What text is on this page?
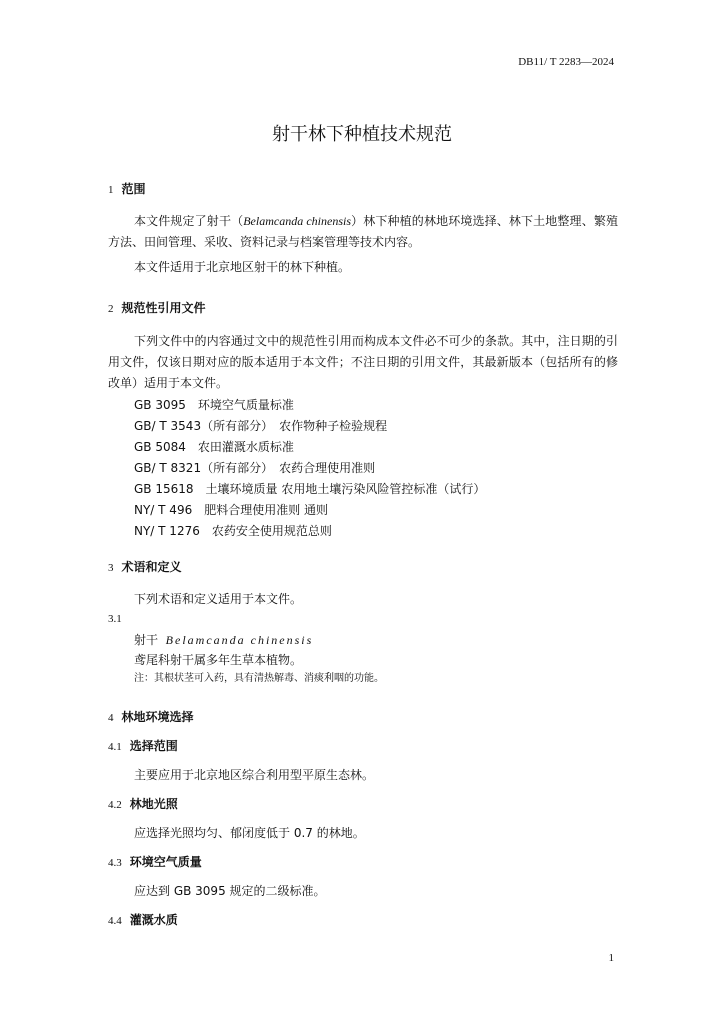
DB11/ T 2283—2024
射干林下种植技术规范
1 范围
本文件规定了射干（Belamcanda chinensis）林下种植的林地环境选择、林下土地整理、繁殖方法、田间管理、采收、资料记录与档案管理等技术内容。
本文件适用于北京地区射干的林下种植。
2 规范性引用文件
下列文件中的内容通过文中的规范性引用而构成本文件必不可少的条款。其中，注日期的引用文件，仅该日期对应的版本适用于本文件；不注日期的引用文件，其最新版本（包括所有的修改单）适用于本文件。
GB 3095　环境空气质量标准
GB/ T 3543（所有部分）　农作物种子检验规程
GB 5084　农田灌溉水质标准
GB/ T 8321（所有部分）　农药合理使用准则
GB 15618　土壤环境质量 农用地土壤污染风险管控标准（试行）
NY/ T 496　肥料合理使用准则 通则
NY/ T 1276　农药安全使用规范总则
3 术语和定义
下列术语和定义适用于本文件。
3.1
射干 Belamcanda chinensis
鸢尾科射干属多年生草本植物。
注：其根状茎可入药，具有清热解毒、消痰利咽的功能。
4 林地环境选择
4.1 选择范围
主要应用于北京地区综合利用型平原生态林。
4.2 林地光照
应选择光照均匀、郁闭度低于 0.7 的林地。
4.3 环境空气质量
应达到 GB 3095 规定的二级标准。
4.4 灌溉水质
1
